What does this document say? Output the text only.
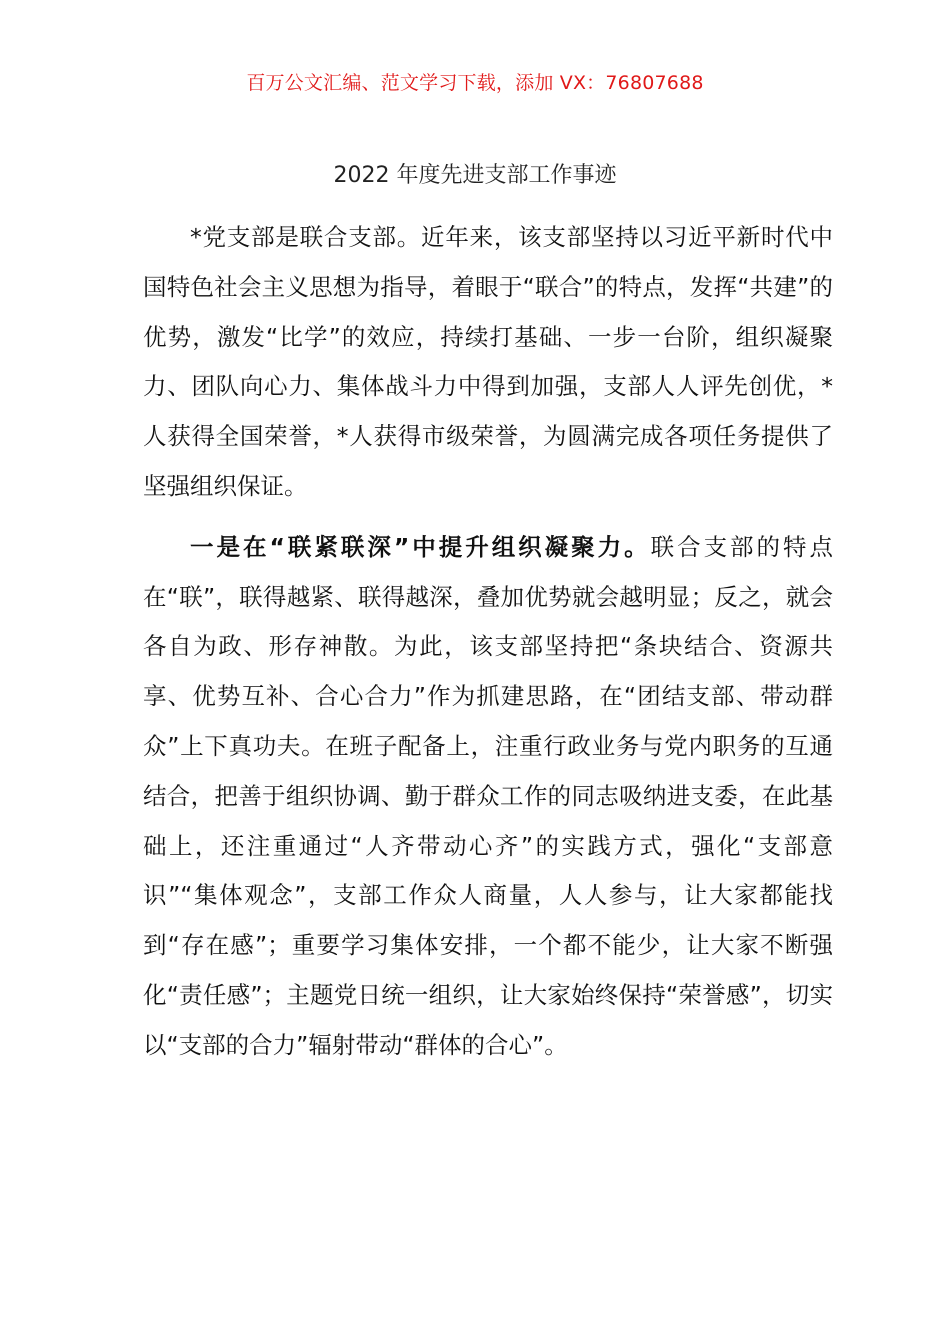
百万公文汇编、范文学习下载，添加 VX：76807688
2022 年度先进支部工作事迹

*党支部是联合支部。近年来，该支部坚持以习近平新时代中国特色社会主义思想为指导，着眼于“联合”的特点，发挥“共建”的优势，激发“比学”的效应，持续打基础、一步一台阶，组织凝聚力、团队向心力、集体战斗力中得到加强，支部人人评先创优，*人获得全国荣誉，*人获得市级荣誉，为圆满完成各项任务提供了坚强组织保证。

一是在“联紧联深”中提升组织凝聚力。联合支部的特点在“联”，联得越紧、联得越深，叠加优势就会越明显；反之，就会各自为政、形存神散。为此，该支部坚持把“条块结合、资源共享、优势互补、合心合力”作为抓建思路，在“团结支部、带动群众”上下真功夫。在班子配备上，注重行政业务与党内职务的互通结合，把善于组织协调、勤于群众工作的同志吸纳进支委，在此基础上，还注重通过“人齐带动心齐”的实践方式，强化“支部意识”“集体观念”，支部工作众人商量，人人参与，让大家都能找到“存在感”；重要学习集体安排，一个都不能少，让大家不断强化“责任感”；主题党日统一组织，让大家始终保持“荣誉感”，切实以“支部的合力”辐射带动“群体的合心”。
